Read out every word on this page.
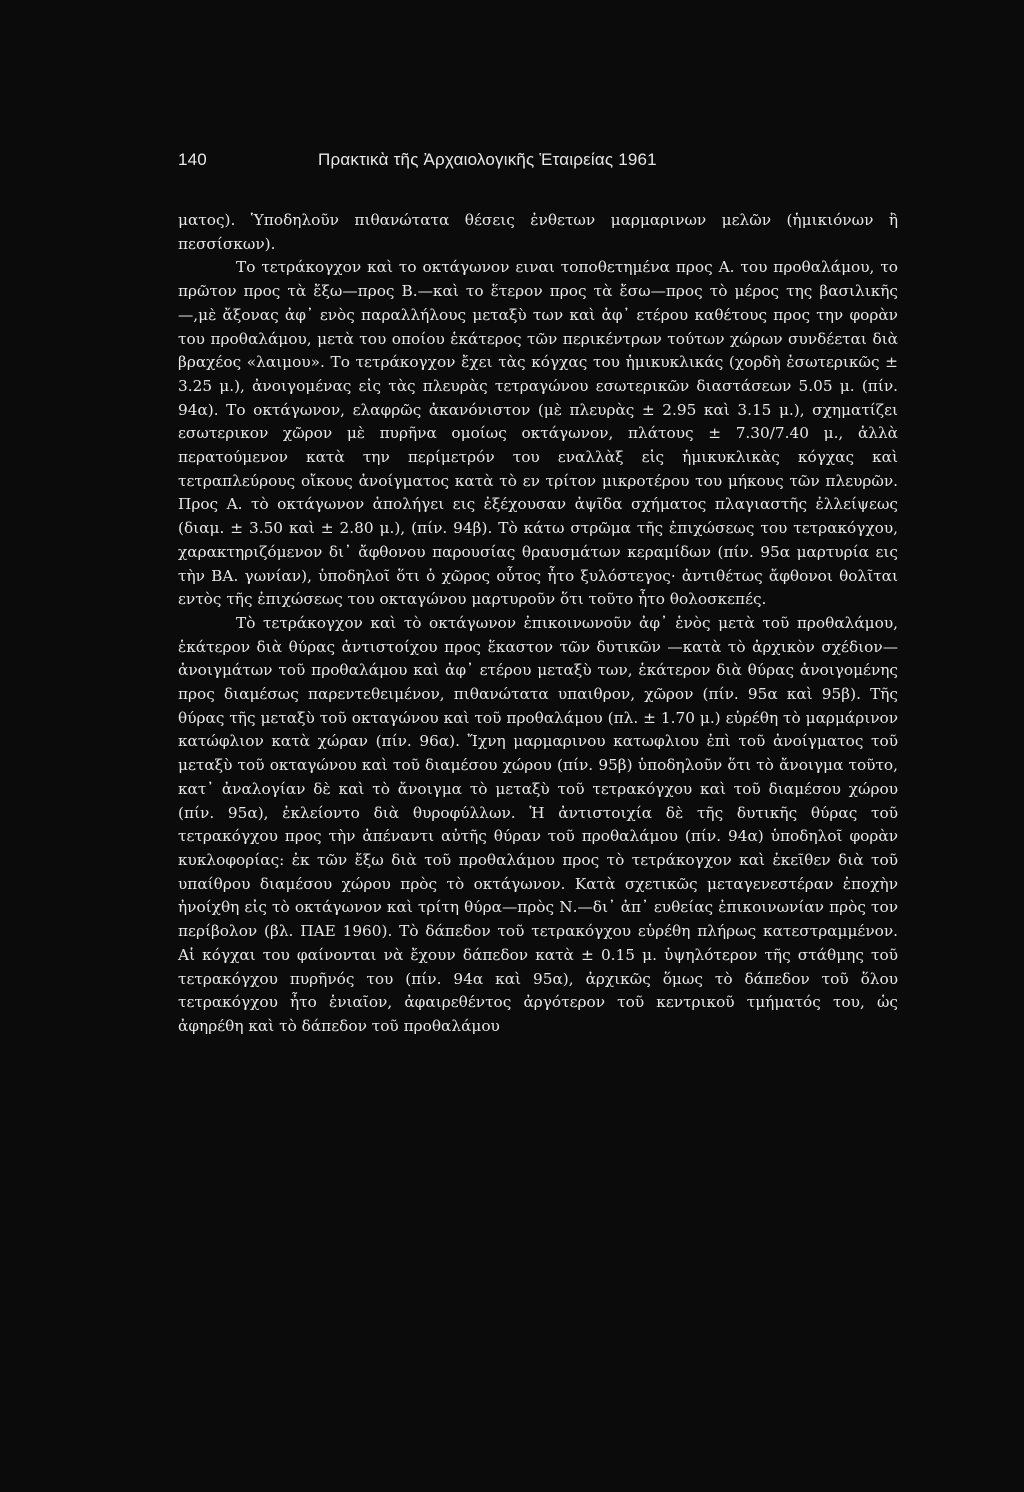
140	Πρακτικὰ τῆς Ἀρχαιολογικῆς Ἑταιρείας 1961

ματος). Ὑποδηλοῦν πιθανώτατα θέσεις ἐνθετων μαρμαρινων μελῶν (ἡμικιόνων ἢ πεσσίσκων).

Το τετράκογχον καὶ το οκτάγωνον ειναι τοποθετημένα προς Α. του προθαλάμου, το πρῶτον προς τὰ ἔξω—προς Β.—καὶ το ἕτερον προς τὰ ἔσω—προς τὸ μέρος της βασιλικῆς—,μὲ ἄξονας ἀφ᾿ ενὸς παραλλήλους μεταξὺ των καὶ ἀφ᾿ ετέρου καθέτους προς την φορὰν του προθαλάμου, μετὰ του οποίου ἑκάτερος τῶν περικέντρων τούτων χώρων συνδέεται διὰ βραχέος «λαιμου». Το τετράκογχον ἔχει τὰς κόγχας του ἡμικυκλικάς (χορδὴ ἐσωτερικῶς ± 3.25 μ.), ἀνοιγομένας εἰς τὰς πλευρὰς τετραγώνου εσωτερικῶν διαστάσεων 5.05 μ. (πίν. 94α). Το οκτάγωνον, ελαφρῶς ἀκανόνιστον (μὲ πλευρὰς ± 2.95 καὶ 3.15 μ.), σχηματίζει εσωτερικον χῶρον μὲ πυρῆνα ομοίως οκτάγωνον, πλάτους ± 7.30/7.40 μ., ἀλλὰ περατούμενον κατὰ την περίμετρόν του εναλλὰξ εἰς ἡμικυκλικὰς κόγχας καὶ τετραπλεύρους οἴκους ἀνοίγματος κατὰ τὸ εν τρίτον μικροτέρου του μήκους τῶν πλευρῶν. Προς Α. τὸ οκτάγωνον ἀπολήγει εις ἐξέχουσαν ἀψῖδα σχήματος πλαγιαστῆς ἐλλείψεως (διαμ. ± 3.50 καὶ ± 2.80 μ.), (πίν. 94β). Τὸ κάτω στρῶμα τῆς ἐπιχώσεως του τετρακόγχου, χαρακτηριζόμενον δι᾿ ἄφθονου παρουσίας θραυσμάτων κεραμίδων (πίν. 95α μαρτυρία εις τὴν ΒΑ. γωνίαν), ὑποδηλοῖ ὅτι ὁ χῶρος οὗτος ἦτο ξυλόστεγος· ἀντιθέτως ἄφθονοι θολῖται εντὸς τῆς ἐπιχώσεως του οκταγώνου μαρτυροῦν ὅτι τοῦτο ἦτο θολοσκεπές.

Τὸ τετράκογχον καὶ τὸ οκτάγωνον ἐπικοινωνοῦν ἀφ᾿ ἑνὸς μετὰ τοῦ προθαλάμου, ἑκάτερον διὰ θύρας ἀντιστοίχου προς ἕκαστον τῶν δυτικῶν —κατὰ τὸ ἀρχικὸν σχέδιον—ἀνοιγμάτων τοῦ προθαλάμου καὶ ἀφ᾿ ετέρου μεταξὺ των, ἑκάτερον διὰ θύρας ἀνοιγομένης προς διαμέσως παρεντεθειμένον, πιθανώτατα υπαιθρον, χῶρον (πίν. 95α καὶ 95β). Τῆς θύρας τῆς μεταξὺ τοῦ οκταγώνου καὶ τοῦ προθαλάμου (πλ. ± 1.70 μ.) εὑρέθη τὸ μαρμάρινον κατώφλιον κατὰ χώραν (πίν. 96α). Ἴχνη μαρμαρινου κατωφλιου ἐπὶ τοῦ ἀνοίγματος τοῦ μεταξὺ τοῦ οκταγώνου καὶ τοῦ διαμέσου χώρου (πίν. 95β) ὑποδηλοῦν ὅτι τὸ ἄνοιγμα τοῦτο, κατ᾿ ἀναλογίαν δὲ καὶ τὸ ἄνοιγμα τὸ μεταξὺ τοῦ τετρακόγχου καὶ τοῦ διαμέσου χώρου (πίν. 95α), ἐκλείοντο διὰ θυροφύλλων. Ἡ ἀντιστοιχία δὲ τῆς δυτικῆς θύρας τοῦ τετρακόγχου προς τὴν ἀπέναντι αὐτῆς θύραν τοῦ προθαλάμου (πίν. 94α) ὑποδηλοῖ φορὰν κυκλοφορίας: ἐκ τῶν ἔξω διὰ τοῦ προθαλάμου προς τὸ τετράκογχον καὶ ἐκεῖθεν διὰ τοῦ υπαίθρου διαμέσου χώρου πρὸς τὸ οκτάγωνον. Κατὰ σχετικῶς μεταγενεστέραν ἐποχὴν ἠνοίχθη εἰς τὸ οκτάγωνον καὶ τρίτη θύρα—πρὸς Ν.—δι᾿ ἀπ᾿ ευθείας ἐπικοινωνίαν πρὸς τον περίβολον (βλ. ΠΑΕ 1960). Τὸ δάπεδον τοῦ τετρακόγχου εὑρέθη πλήρως κατεστραμμένον. Αἱ κόγχαι του φαίνονται νὰ ἔχουν δάπεδον κατὰ ± 0.15 μ. ὑψηλότερον τῆς στάθμης τοῦ τετρακόγχου πυρῆνός του (πίν. 94α καὶ 95α), ἀρχικῶς ὅμως τὸ δάπεδον τοῦ ὅλου τετρακόγχου ἦτο ἑνιαῖον, ἀφαιρεθέντος ἀργότερον τοῦ κεντρικοῦ τμήματός του, ὡς ἀφηρέθη καὶ τὸ δάπεδον τοῦ προθαλάμου
